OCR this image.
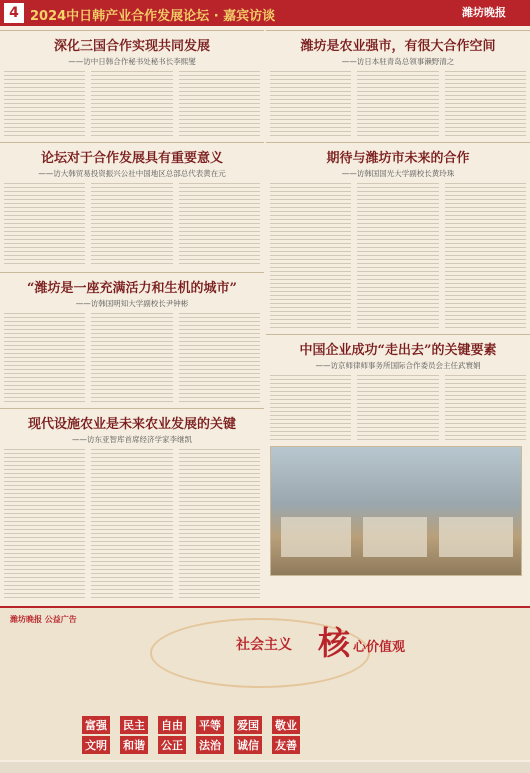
4 2024中日韩产业合作发展论坛 · 嘉宾访谈	潍坊晚报
深化三国合作实现共同发展
——访中日韩合作秘书处秘书长李熙燮
潍坊是农业强市，有很大合作空间
——访日本驻青岛总领事濑野清之
论坛对于合作发展具有重要意义
——访大韩贸易投资振兴公社中国地区总部总代表黄在元
期待与潍坊市未来的合作
——访韩国国光大学副校长黄玲珠
“潍坊是一座充满活力和生机的城市”
——访韩国明知大学副校长尹钟彬
中国企业成功“走出去”的关键要素
——访京师律师事务所国际合作委员会主任武寰娟
现代设施农业是未来农业发展的关键
——访东亚智库首席经济学家李继凯
潍坊晚报 公益广告
社会主义 核 心价值观
富强 民主 自由 平等 爱国 敬业
文明 和谐 公正 法治 诚信 友善
